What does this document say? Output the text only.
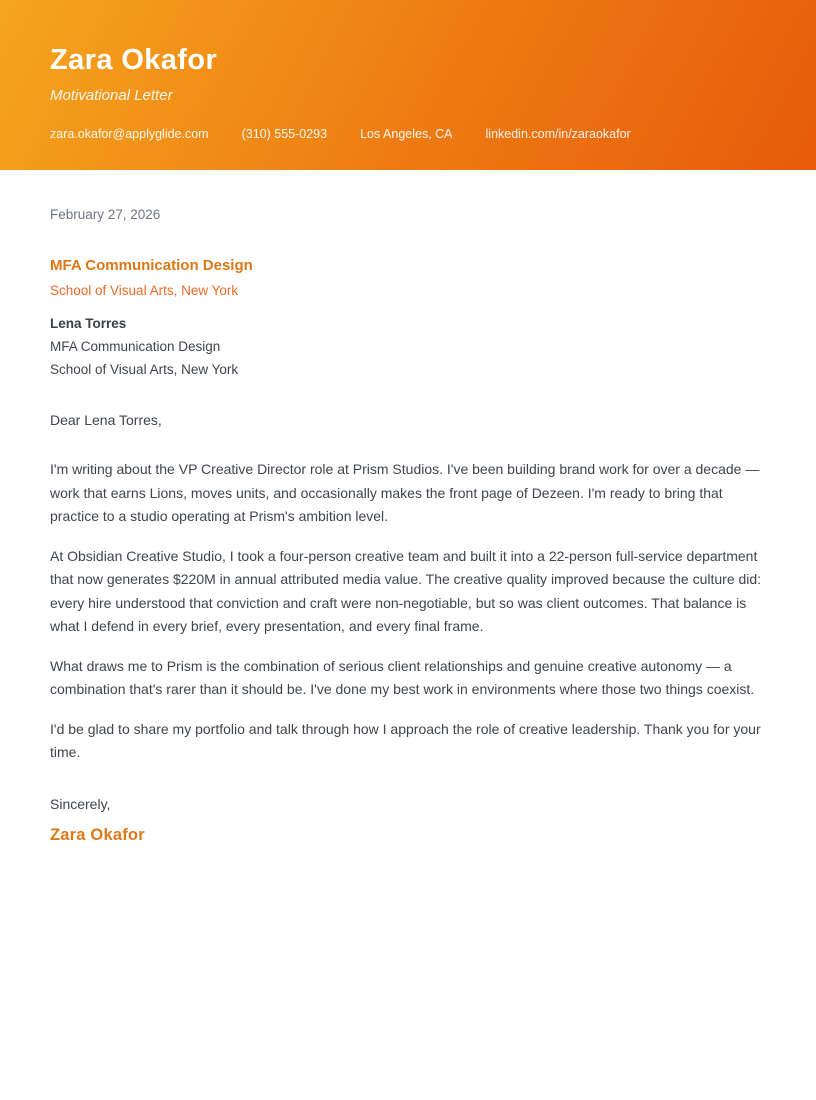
Zara Okafor
Motivational Letter
zara.okafor@applyglide.com	(310) 555-0293	Los Angeles, CA	linkedin.com/in/zaraokafor
February 27, 2026
MFA Communication Design
School of Visual Arts, New York
Lena Torres
MFA Communication Design
School of Visual Arts, New York
Dear Lena Torres,

I'm writing about the VP Creative Director role at Prism Studios. I've been building brand work for over a decade — work that earns Lions, moves units, and occasionally makes the front page of Dezeen. I'm ready to bring that practice to a studio operating at Prism's ambition level.

At Obsidian Creative Studio, I took a four-person creative team and built it into a 22-person full-service department that now generates $220M in annual attributed media value. The creative quality improved because the culture did: every hire understood that conviction and craft were non-negotiable, but so was client outcomes. That balance is what I defend in every brief, every presentation, and every final frame.

What draws me to Prism is the combination of serious client relationships and genuine creative autonomy — a combination that's rarer than it should be. I've done my best work in environments where those two things coexist.

I'd be glad to share my portfolio and talk through how I approach the role of creative leadership. Thank you for your time.

Sincerely,
Zara Okafor
